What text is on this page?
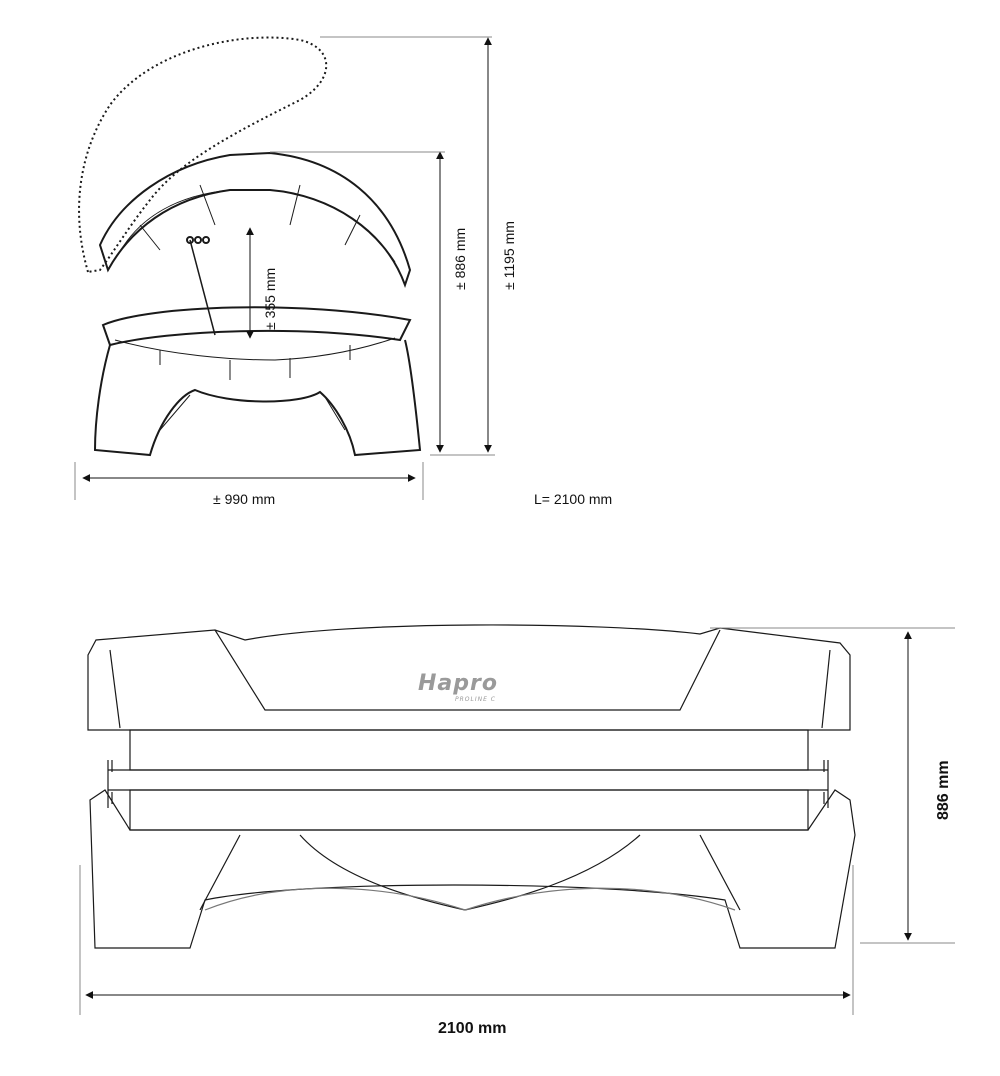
± 355 mm
± 886 mm ± 1195 mm
± 990 mm	L= 2100 mm
Hapro
PROLINE C
886 mm
2100 mm
